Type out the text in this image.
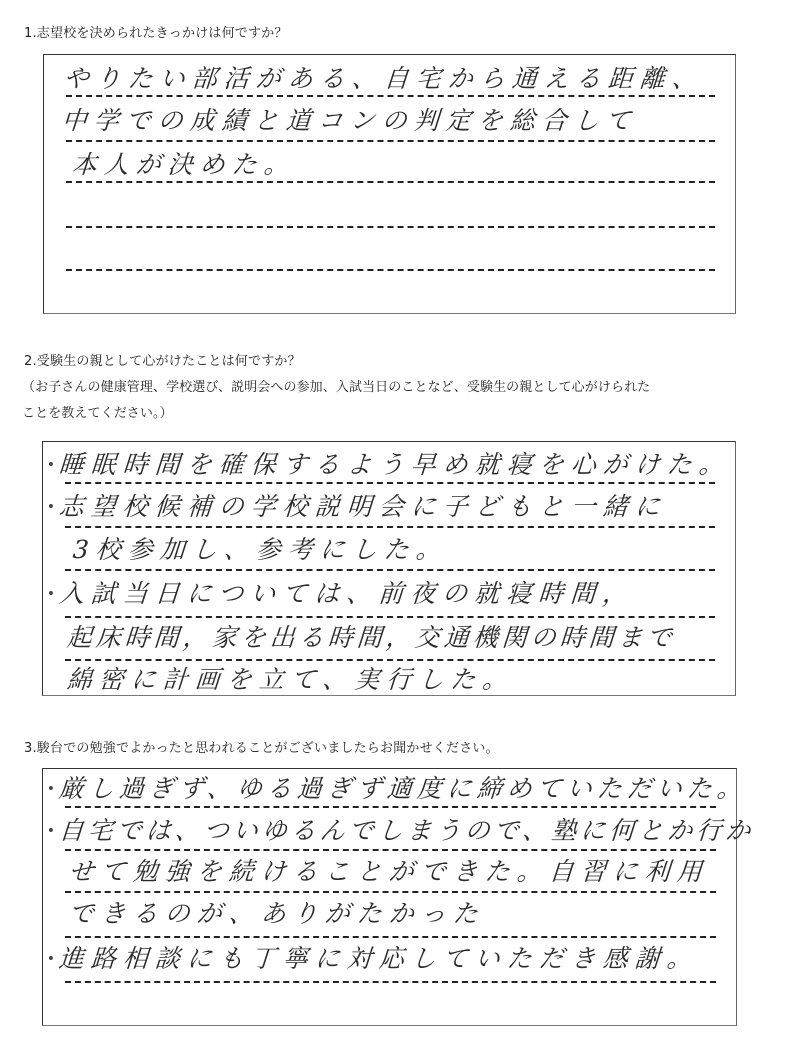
1.志望校を決められたきっかけは何ですか？
やりたい部活がある、自宅から通える距離、
中学での成績と道コンの判定を総合して
本人が決めた。
2.受験生の親として心がけたことは何ですか？
（お子さんの健康管理、学校選び、説明会への参加、入試当日のことなど、受験生の親として心がけられた
ことを教えてください。）
睡眠時間を確保するよう早め就寝を心がけた。
志望校候補の学校説明会に子どもと一緒に
3校参加し、参考にした。
入試当日については、前夜の就寝時間，
起床時間，家を出る時間，交通機関の時間まで
綿密に計画を立て、実行した。
3.駿台での勉強でよかったと思われることがございましたらお聞かせください。
厳し過ぎず、ゆる過ぎず適度に締めていただいた。
自宅では、ついゆるんでしまうので、塾に何とか行か
せて勉強を続けることができた。自習に利用
できるのが、ありがたかった
進路相談にも丁寧に対応していただき感謝。
